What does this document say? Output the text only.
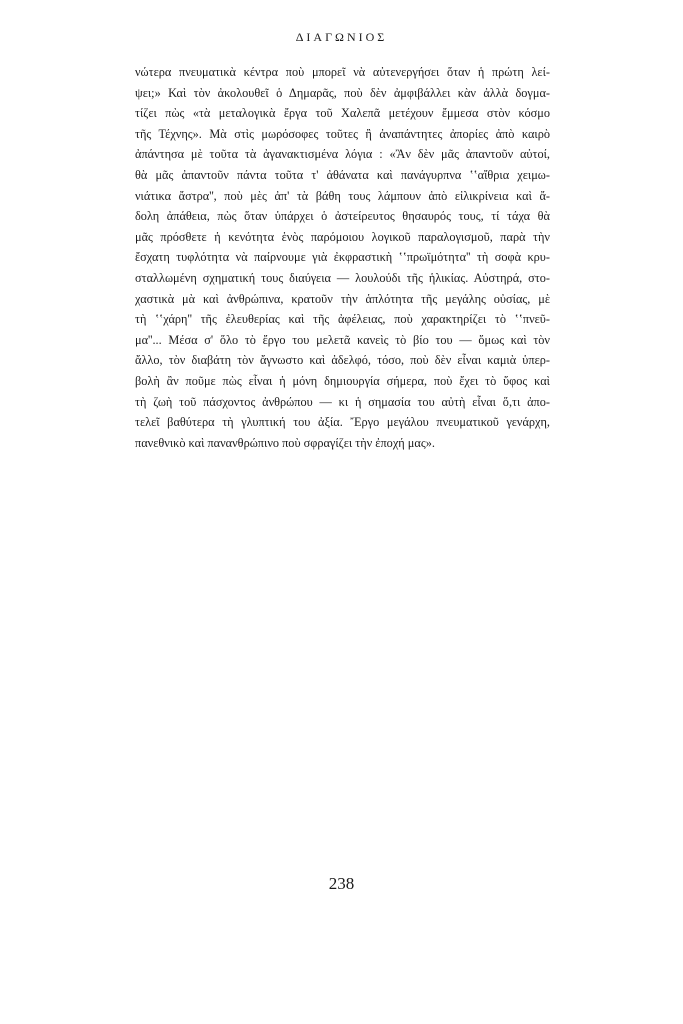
ΔΙΑΓΩΝΙΟΣ
νώτερα πνευματικὰ κέντρα ποὺ μπορεῖ νὰ αὐτενεργήσει ὅταν ἡ πρώτη λεί-
ψει;» Καὶ τὸν ἀκολουθεῖ ὁ Δημαρᾶς, ποὺ δὲν ἀμφιβάλλει κὰν ἀλλὰ δογμα-
τίζει πὼς «τὰ μεταλογικὰ ἔργα τοῦ Χαλεπᾶ μετέχουν ἔμμεσα στὸν κόσμο
τῆς Τέχνης». Μὰ στὶς μωρόσοφες τοῦτες ἢ ἀναπάντητες ἀπορίες ἀπὸ καιρὸ
ἀπάντησα μὲ τοῦτα τὰ ἀγανακτισμένα λόγια : «Ἂν δὲν μᾶς ἀπαντοῦν αὐτοί,
θὰ μᾶς ἀπαντοῦν πάντα τοῦτα τ' ἀθάνατα καὶ πανάγυρπνα ʽʽαἴθρια χειμω-
νιάτικα ἄστρα'', ποὺ μὲς ἀπ' τὰ βάθη τους λάμπουν ἀπὸ εἰλικρίνεια καὶ ἄ-
δολη ἀπάθεια, πὼς ὅταν ὑπάρχει ὁ ἀστείρευτος θησαυρός τους, τί τάχα θὰ
μᾶς πρόσθετε ἡ κενότητα ἑνὸς παρόμοιου λογικοῦ παραλογισμοῦ, παρὰ τὴν
ἔσχατη τυφλότητα νὰ παίρνουμε γιὰ ἐκφραστικὴ ʽʽπρωϊμότητα'' τὴ σοφὰ κρυ-
σταλλωμένη σχηματική τους διαύγεια — λουλούδι τῆς ἡλικίας. Αὐστηρά, στο-
χαστικὰ μὰ καὶ ἀνθρώπινα, κρατοῦν τὴν ἁπλότητα τῆς μεγάλης οὐσίας, μὲ
τὴ ʽʽχάρη'' τῆς ἐλευθερίας καὶ τῆς ἀφέλειας, ποὺ χαρακτηρίζει τὸ ʽʽπνεῦ-
μα''... Μέσα σ' ὅλο τὸ ἔργο του μελετᾶ κανεὶς τὸ βίο του — ὅμως καὶ τὸν
ἄλλο, τὸν διαβάτη τὸν ἄγνωστο καὶ ἀδελφό, τόσο, ποὺ δὲν εἶναι καμιὰ ὑπερ-
βολὴ ἂν ποῦμε πὼς εἶναι ἡ μόνη δημιουργία σήμερα, ποὺ ἔχει τὸ ὕφος καὶ
τὴ ζωὴ τοῦ πάσχοντος ἀνθρώπου — κι ἡ σημασία του αὐτὴ εἶναι ὅ,τι ἀπο-
τελεῖ βαθύτερα τὴ γλυπτική του ἀξία. Ἔργο μεγάλου πνευματικοῦ γενάρχη,
πανεθνικὸ καὶ πανανθρώπινο ποὺ σφραγίζει τὴν ἐποχή μας».
238
